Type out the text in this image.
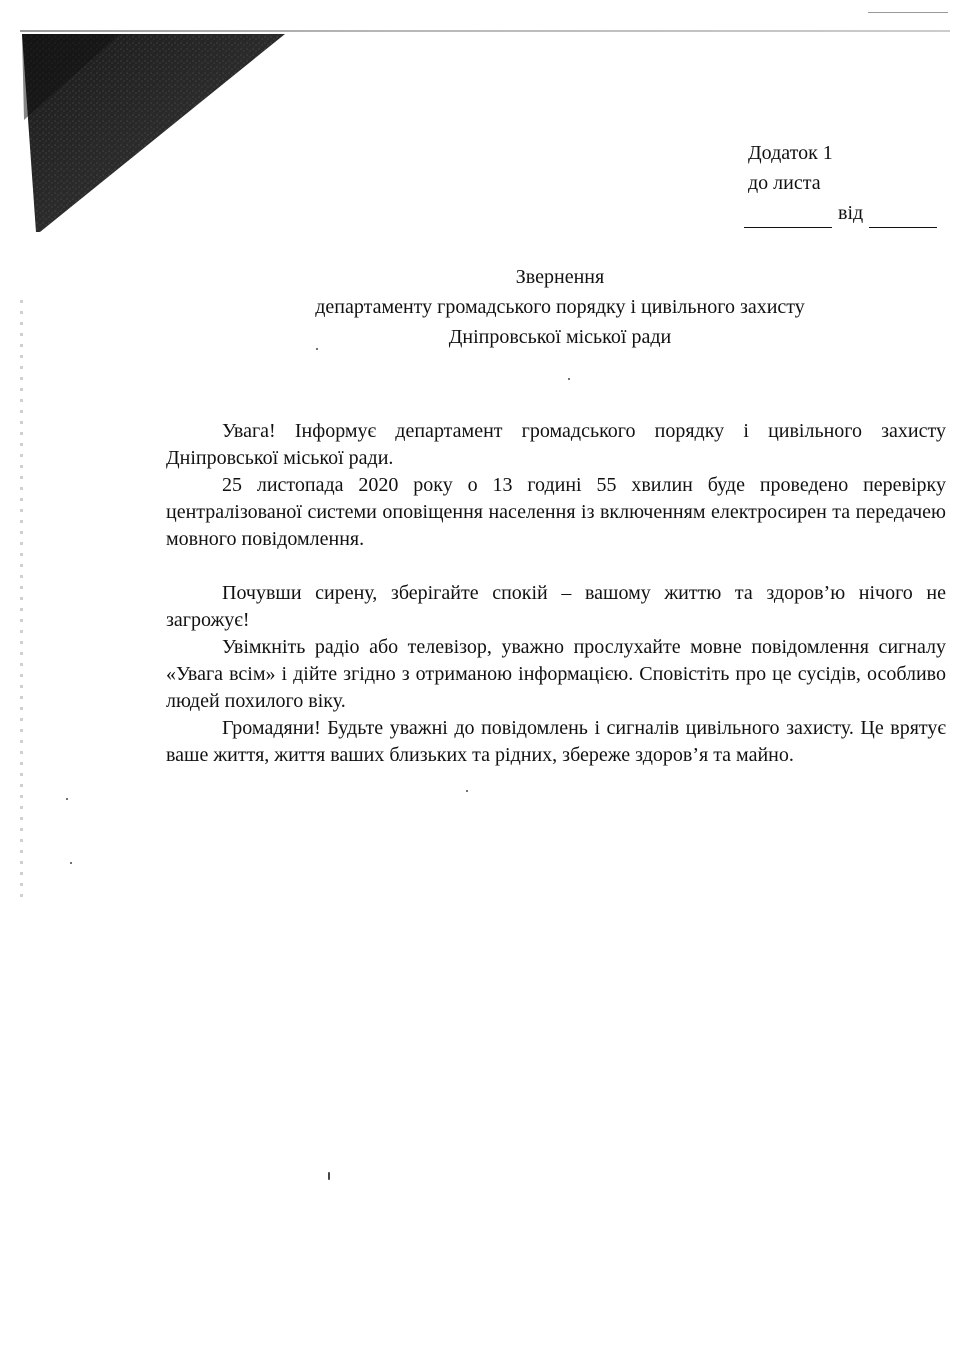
Додаток 1
до листа
від
Звернення
департаменту громадського порядку і цивільного захисту
Дніпровської міської ради

Увага! Інформує департамент громадського порядку і цивільного захисту Дніпровської міської ради.

25 листопада 2020 року о 13 годині 55 хвилин буде проведено перевірку централізованої системи оповіщення населення із включенням електросирен та передачею мовного повідомлення.

Почувши сирену, зберігайте спокій – вашому життю та здоров’ю нічого не загрожує!

Увімкніть радіо або телевізор, уважно прослухайте мовне повідомлення сигналу «Увага всім» і дійте згідно з отриманою інформацією. Сповістіть про це сусідів, особливо людей похилого віку.

Громадяни! Будьте уважні до повідомлень і сигналів цивільного захисту. Це врятує ваше життя, життя ваших близьких та рідних, збереже здоров’я та майно.
